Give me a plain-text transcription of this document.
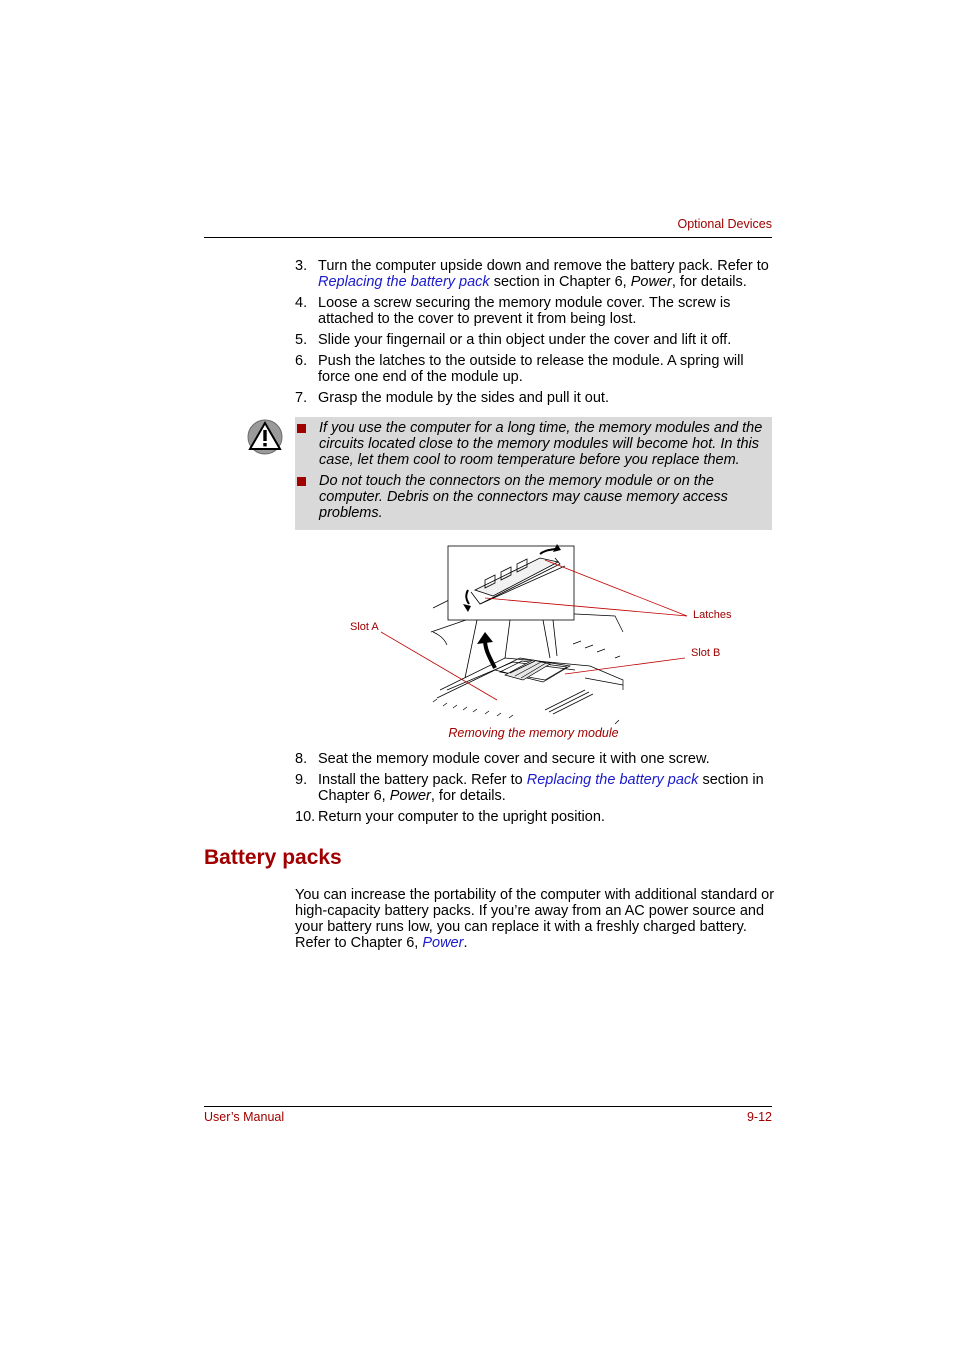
Optional Devices
3. Turn the computer upside down and remove the battery pack. Refer to Replacing the battery pack section in Chapter 6, Power, for details.
4. Loose a screw securing the memory module cover. The screw is attached to the cover to prevent it from being lost.
5. Slide your fingernail or a thin object under the cover and lift it off.
6. Push the latches to the outside to release the module. A spring will force one end of the module up.
7. Grasp the module by the sides and pull it out.
If you use the computer for a long time, the memory modules and the circuits located close to the memory modules will become hot. In this case, let them cool to room temperature before you replace them.
Do not touch the connectors on the memory module or on the computer. Debris on the connectors may cause memory access problems.
Slot A
Latches
Slot B
Removing the memory module
8. Seat the memory module cover and secure it with one screw.
9. Install the battery pack. Refer to Replacing the battery pack section in Chapter 6, Power, for details.
10. Return your computer to the upright position.
Battery packs

You can increase the portability of the computer with additional standard or high-capacity battery packs. If you’re away from an AC power source and your battery runs low, you can replace it with a freshly charged battery. Refer to Chapter 6, Power.

User’s Manual	9-12
